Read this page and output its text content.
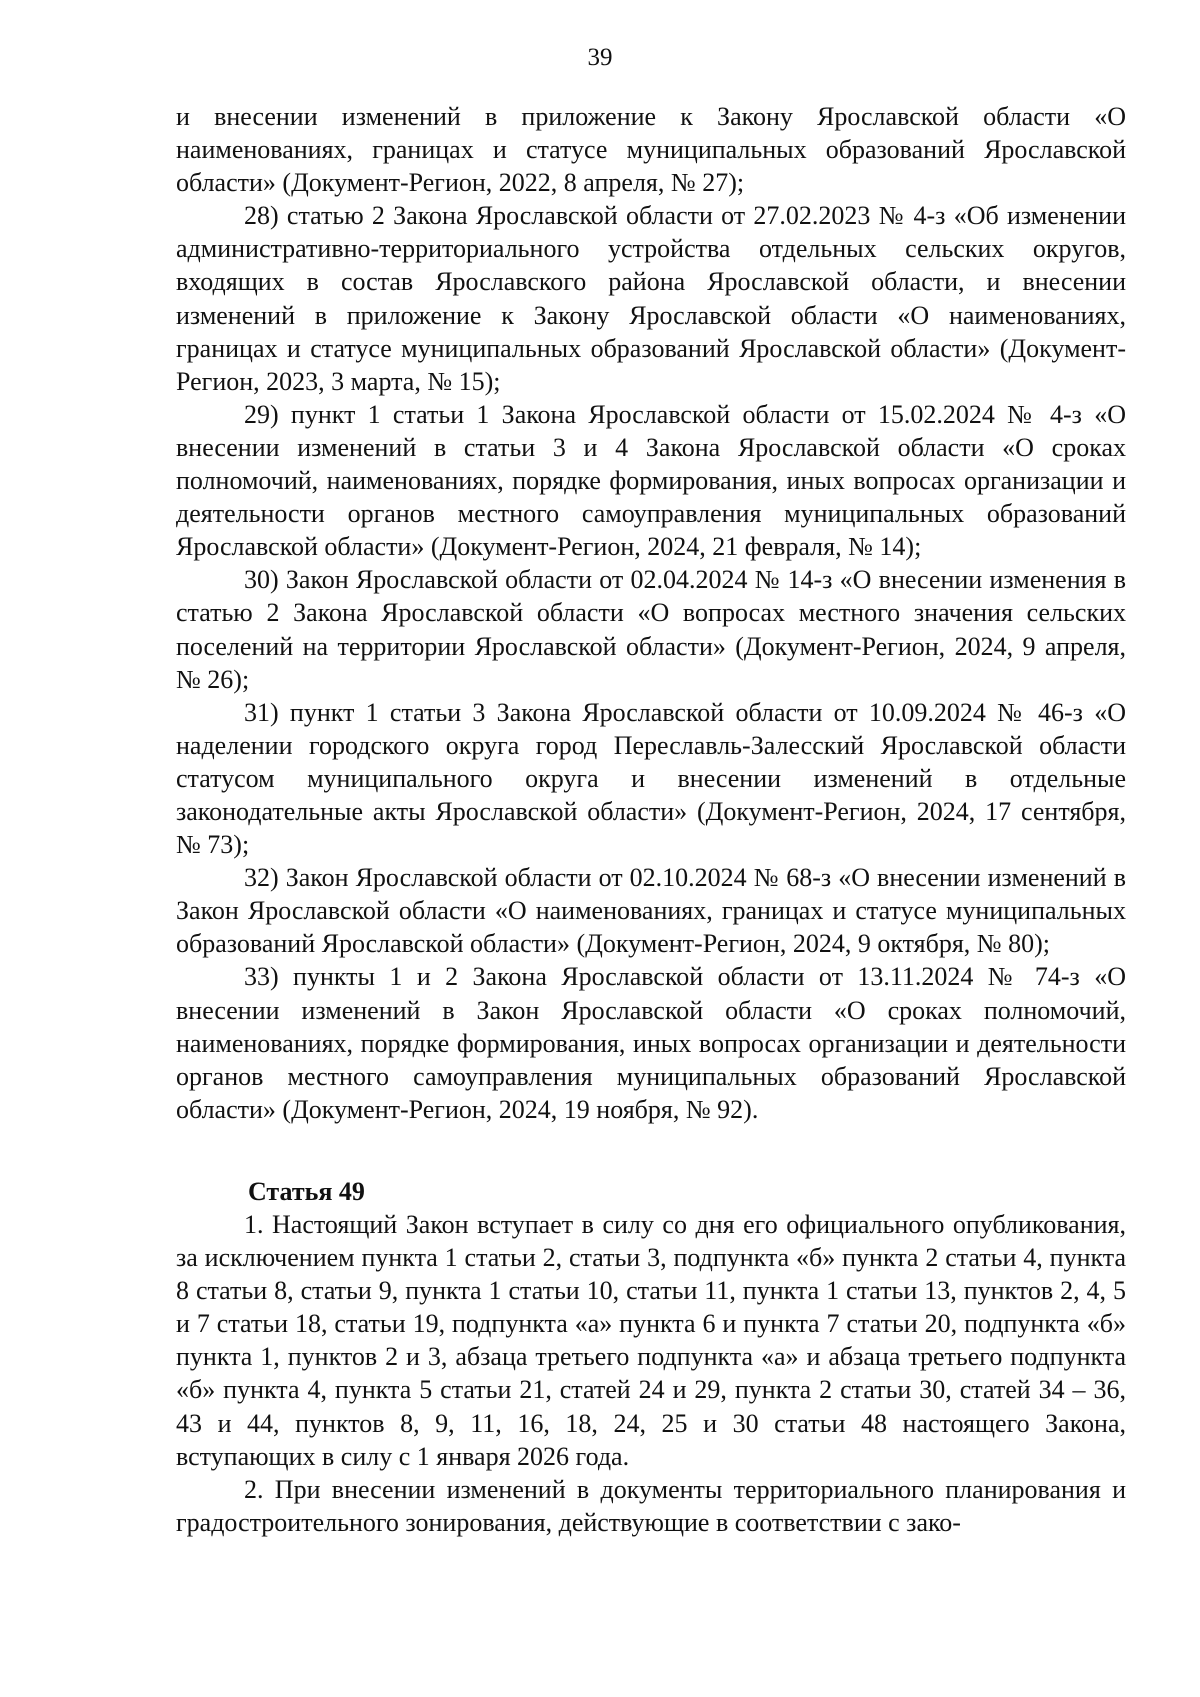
39

и внесении изменений в приложение к Закону Ярославской области «О наименованиях, границах и статусе муниципальных образований Ярославской области» (Документ-Регион, 2022, 8 апреля, № 27);

28) статью 2 Закона Ярославской области от 27.02.2023 № 4-з «Об изменении административно-территориального устройства отдельных сельских округов, входящих в состав Ярославского района Ярославской области, и внесении изменений в приложение к Закону Ярославской области «О наименованиях, границах и статусе муниципальных образований Ярославской области» (Документ-Регион, 2023, 3 марта, № 15);

29) пункт 1 статьи 1 Закона Ярославской области от 15.02.2024 № 4-з «О внесении изменений в статьи 3 и 4 Закона Ярославской области «О сроках полномочий, наименованиях, порядке формирования, иных вопросах организации и деятельности органов местного самоуправления муниципальных образований Ярославской области» (Документ-Регион, 2024, 21 февраля, № 14);

30) Закон Ярославской области от 02.04.2024 № 14-з «О внесении изменения в статью 2 Закона Ярославской области «О вопросах местного значения сельских поселений на территории Ярославской области» (Документ-Регион, 2024, 9 апреля, № 26);

31) пункт 1 статьи 3 Закона Ярославской области от 10.09.2024 № 46-з «О наделении городского округа город Переславль-Залесский Ярославской области статусом муниципального округа и внесении изменений в отдельные законодательные акты Ярославской области» (Документ-Регион, 2024, 17 сентября, № 73);

32) Закон Ярославской области от 02.10.2024 № 68-з «О внесении изменений в Закон Ярославской области «О наименованиях, границах и статусе муниципальных образований Ярославской области» (Документ-Регион, 2024, 9 октября, № 80);

33) пункты 1 и 2 Закона Ярославской области от 13.11.2024 № 74-з «О внесении изменений в Закон Ярославской области «О сроках полномочий, наименованиях, порядке формирования, иных вопросах организации и деятельности органов местного самоуправления муниципальных образований Ярославской области» (Документ-Регион, 2024, 19 ноября, № 92).

Статья 49

1. Настоящий Закон вступает в силу со дня его официального опубликования, за исключением пункта 1 статьи 2, статьи 3, подпункта «б» пункта 2 статьи 4, пункта 8 статьи 8, статьи 9, пункта 1 статьи 10, статьи 11, пункта 1 статьи 13, пунктов 2, 4, 5 и 7 статьи 18, статьи 19, подпункта «а» пункта 6 и пункта 7 статьи 20, подпункта «б» пункта 1, пунктов 2 и 3, абзаца третьего подпункта «а» и абзаца третьего подпункта «б» пункта 4, пункта 5 статьи 21, статей 24 и 29, пункта 2 статьи 30, статей 34 – 36, 43 и 44, пунктов 8, 9, 11, 16, 18, 24, 25 и 30 статьи 48 настоящего Закона, вступающих в силу с 1 января 2026 года.

2. При внесении изменений в документы территориального планирования и градостроительного зонирования, действующие в соответствии с зако-
